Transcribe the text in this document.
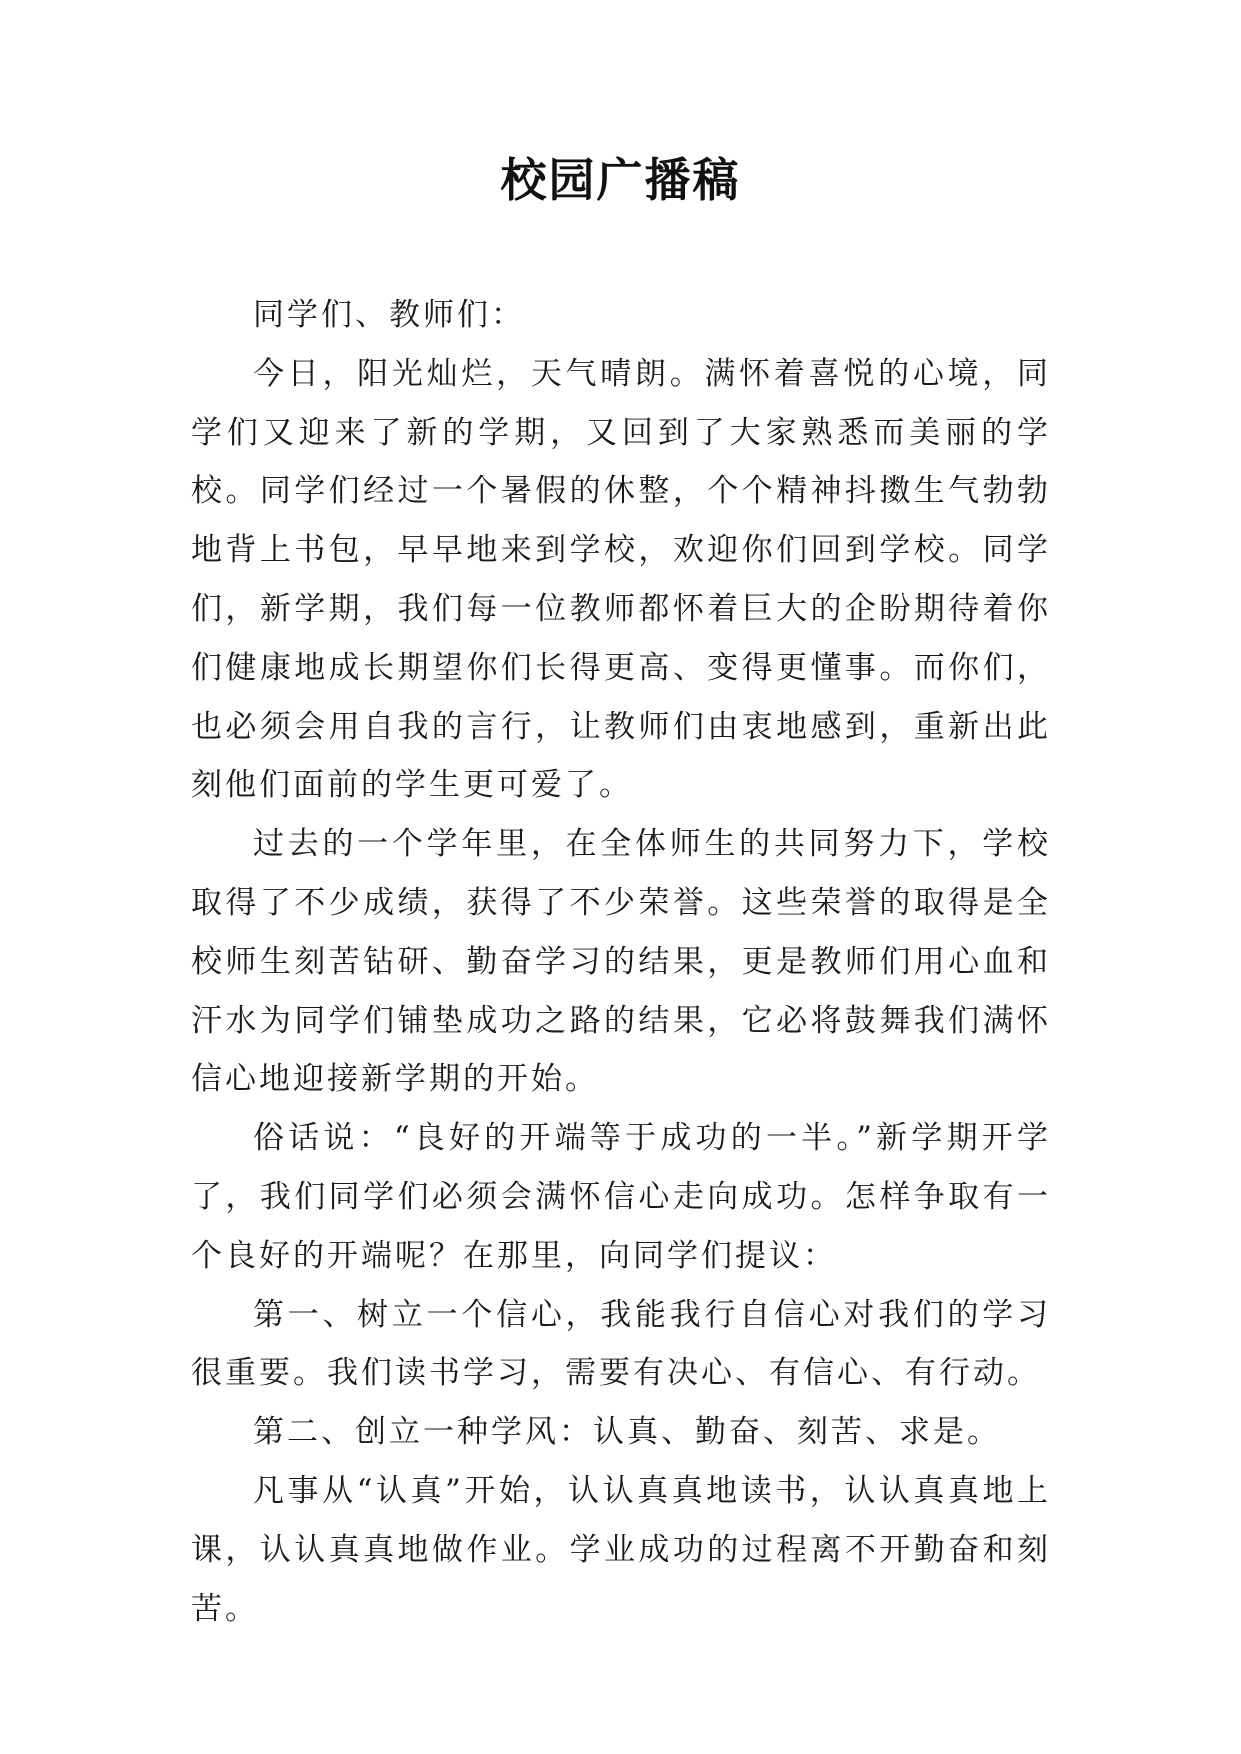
校园广播稿

同学们、教师们：

今日，阳光灿烂，天气晴朗。满怀着喜悦的心境，同学们又迎来了新的学期，又回到了大家熟悉而美丽的学校。同学们经过一个暑假的休整，个个精神抖擞生气勃勃地背上书包，早早地来到学校，欢迎你们回到学校。同学们，新学期，我们每一位教师都怀着巨大的企盼期待着你们健康地成长期望你们长得更高、变得更懂事。而你们，也必须会用自我的言行，让教师们由衷地感到，重新出此刻他们面前的学生更可爱了。

过去的一个学年里，在全体师生的共同努力下，学校取得了不少成绩，获得了不少荣誉。这些荣誉的取得是全校师生刻苦钻研、勤奋学习的结果，更是教师们用心血和汗水为同学们铺垫成功之路的结果，它必将鼓舞我们满怀信心地迎接新学期的开始。

俗话说：“良好的开端等于成功的一半。”新学期开学了，我们同学们必须会满怀信心走向成功。怎样争取有一个良好的开端呢？在那里，向同学们提议：

第一、树立一个信心，我能我行自信心对我们的学习很重要。我们读书学习，需要有决心、有信心、有行动。

第二、创立一种学风：认真、勤奋、刻苦、求是。

凡事从“认真”开始，认认真真地读书，认认真真地上课，认认真真地做作业。学业成功的过程离不开勤奋和刻苦。
